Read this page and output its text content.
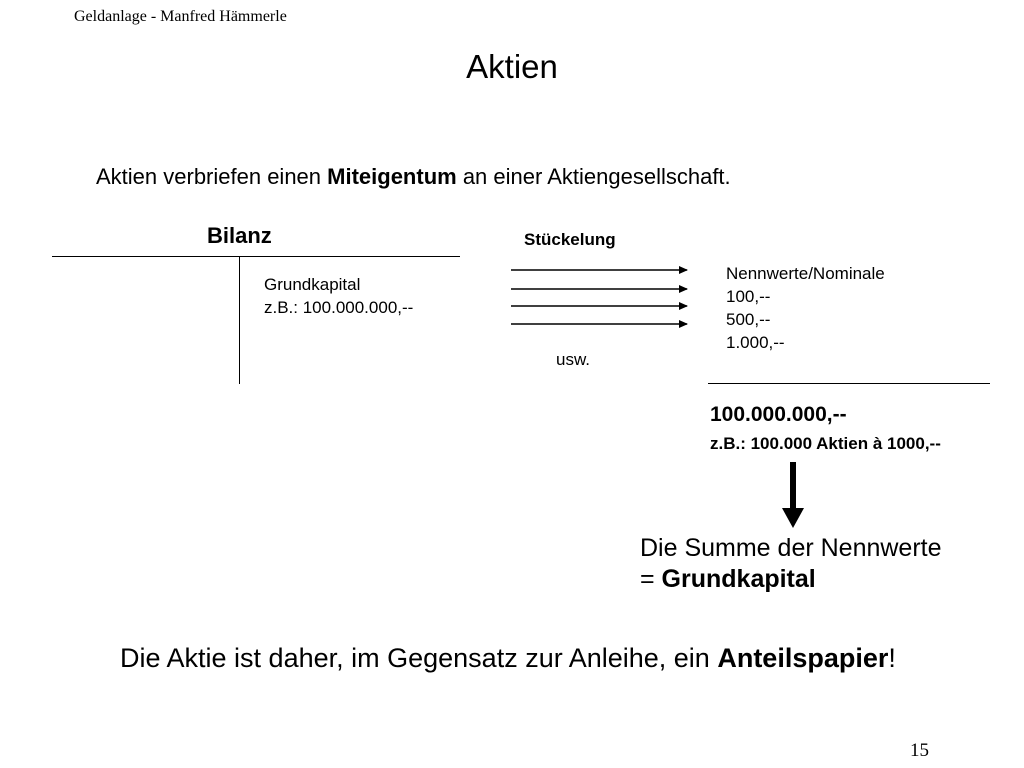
Geldanlage - Manfred Hämmerle
Aktien
Aktien verbriefen einen Miteigentum an einer Aktiengesellschaft.
Bilanz
Grundkapital
z.B.: 100.000.000,--
Stückelung
usw.
Nennwerte/Nominale
100,--
500,--
1.000,--
100.000.000,--
z.B.: 100.000 Aktien à 1000,--
Die Summe der Nennwerte
= Grundkapital
Die Aktie ist daher, im Gegensatz zur Anleihe, ein Anteilspapier!
15
